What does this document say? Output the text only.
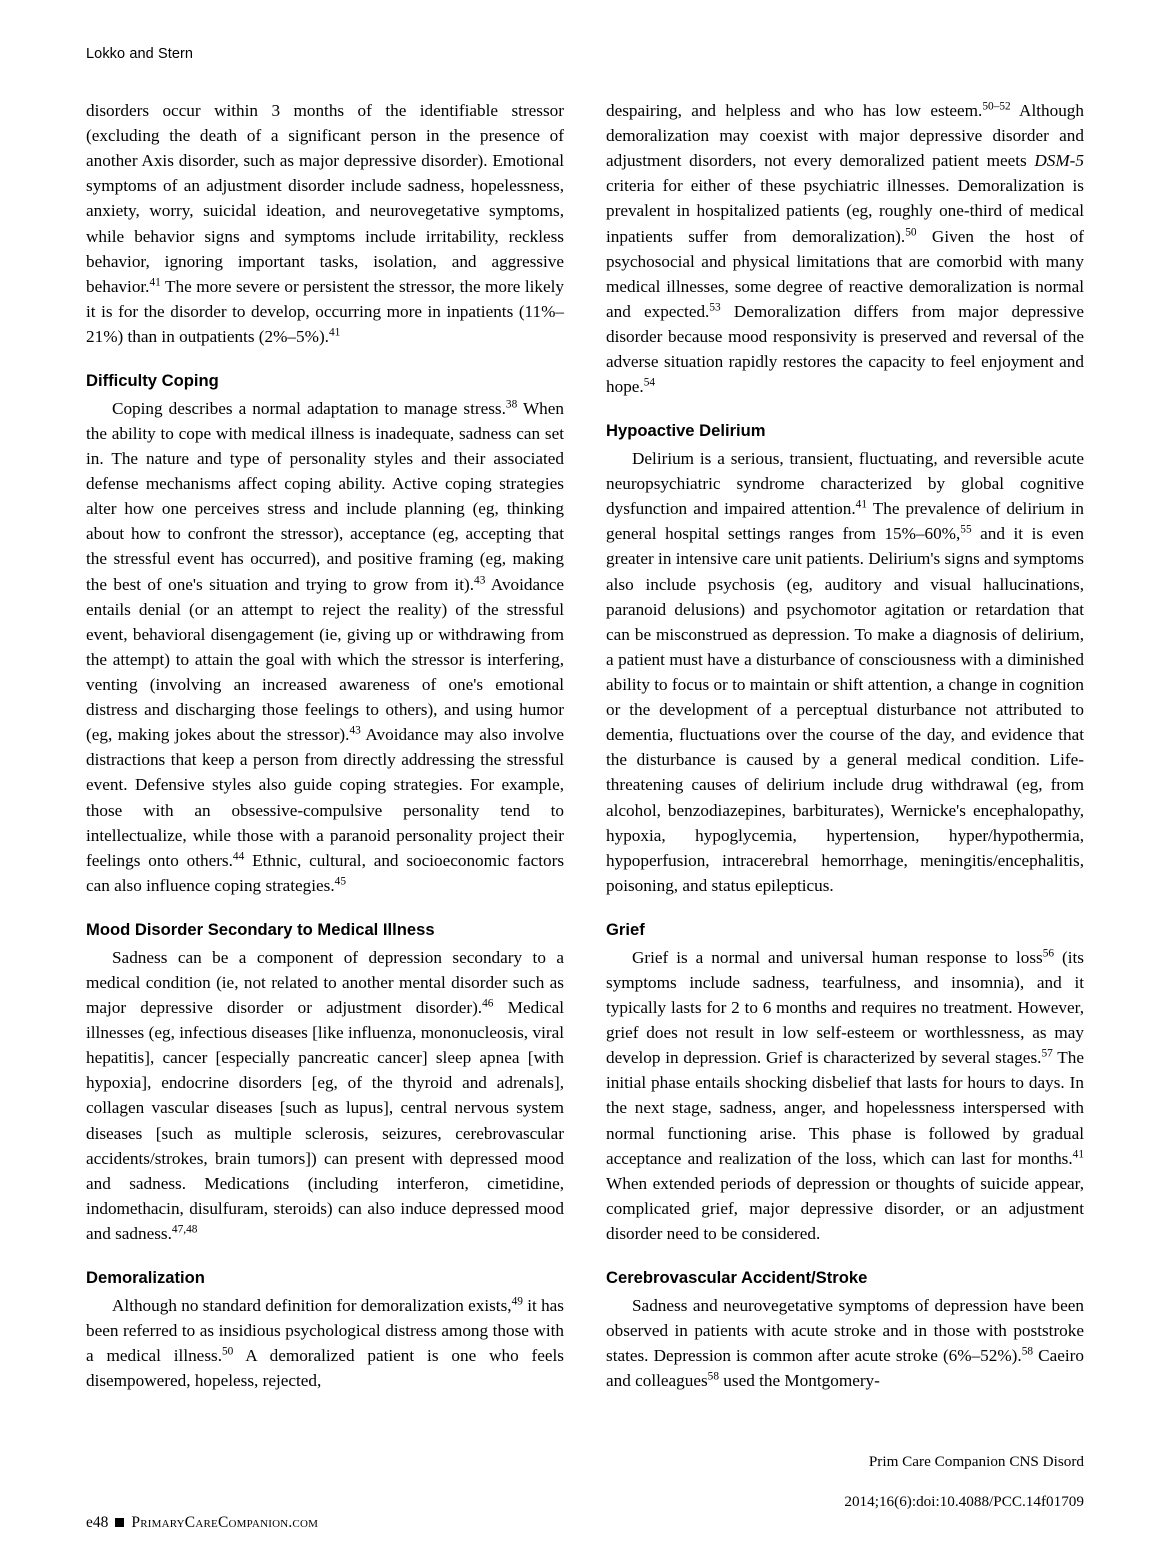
Lokko and Stern

disorders occur within 3 months of the identifiable stressor (excluding the death of a significant person in the presence of another Axis disorder, such as major depressive disorder). Emotional symptoms of an adjustment disorder include sadness, hopelessness, anxiety, worry, suicidal ideation, and neurovegetative symptoms, while behavior signs and symptoms include irritability, reckless behavior, ignoring important tasks, isolation, and aggressive behavior.$^{41}$ The more severe or persistent the stressor, the more likely it is for the disorder to develop, occurring more in inpatients (11%–21%) than in outpatients (2%–5%).$^{41}$

Difficulty Coping

Coping describes a normal adaptation to manage stress.$^{38}$ When the ability to cope with medical illness is inadequate, sadness can set in. The nature and type of personality styles and their associated defense mechanisms affect coping ability. Active coping strategies alter how one perceives stress and include planning (eg, thinking about how to confront the stressor), acceptance (eg, accepting that the stressful event has occurred), and positive framing (eg, making the best of one's situation and trying to grow from it).$^{43}$ Avoidance entails denial (or an attempt to reject the reality) of the stressful event, behavioral disengagement (ie, giving up or withdrawing from the attempt) to attain the goal with which the stressor is interfering, venting (involving an increased awareness of one's emotional distress and discharging those feelings to others), and using humor (eg, making jokes about the stressor).$^{43}$ Avoidance may also involve distractions that keep a person from directly addressing the stressful event. Defensive styles also guide coping strategies. For example, those with an obsessive-compulsive personality tend to intellectualize, while those with a paranoid personality project their feelings onto others.$^{44}$ Ethnic, cultural, and socioeconomic factors can also influence coping strategies.$^{45}$

Mood Disorder Secondary to Medical Illness

Sadness can be a component of depression secondary to a medical condition (ie, not related to another mental disorder such as major depressive disorder or adjustment disorder).$^{46}$ Medical illnesses (eg, infectious diseases [like influenza, mononucleosis, viral hepatitis], cancer [especially pancreatic cancer] sleep apnea [with hypoxia], endocrine disorders [eg, of the thyroid and adrenals], collagen vascular diseases [such as lupus], central nervous system diseases [such as multiple sclerosis, seizures, cerebrovascular accidents/strokes, brain tumors]) can present with depressed mood and sadness. Medications (including interferon, cimetidine, indomethacin, disulfuram, steroids) can also induce depressed mood and sadness.$^{47,48}$

Demoralization

Although no standard definition for demoralization exists,$^{49}$ it has been referred to as insidious psychological distress among those with a medical illness.$^{50}$ A demoralized patient is one who feels disempowered, hopeless, rejected,

despairing, and helpless and who has low esteem.$^{50-52}$ Although demoralization may coexist with major depressive disorder and adjustment disorders, not every demoralized patient meets DSM-5 criteria for either of these psychiatric illnesses. Demoralization is prevalent in hospitalized patients (eg, roughly one-third of medical inpatients suffer from demoralization).$^{50}$ Given the host of psychosocial and physical limitations that are comorbid with many medical illnesses, some degree of reactive demoralization is normal and expected.$^{53}$ Demoralization differs from major depressive disorder because mood responsivity is preserved and reversal of the adverse situation rapidly restores the capacity to feel enjoyment and hope.$^{54}$

Hypoactive Delirium

Delirium is a serious, transient, fluctuating, and reversible acute neuropsychiatric syndrome characterized by global cognitive dysfunction and impaired attention.$^{41}$ The prevalence of delirium in general hospital settings ranges from 15%–60%,$^{55}$ and it is even greater in intensive care unit patients. Delirium's signs and symptoms also include psychosis (eg, auditory and visual hallucinations, paranoid delusions) and psychomotor agitation or retardation that can be misconstrued as depression. To make a diagnosis of delirium, a patient must have a disturbance of consciousness with a diminished ability to focus or to maintain or shift attention, a change in cognition or the development of a perceptual disturbance not attributed to dementia, fluctuations over the course of the day, and evidence that the disturbance is caused by a general medical condition. Life-threatening causes of delirium include drug withdrawal (eg, from alcohol, benzodiazepines, barbiturates), Wernicke's encephalopathy, hypoxia, hypoglycemia, hypertension, hyper/hypothermia, hypoperfusion, intracerebral hemorrhage, meningitis/encephalitis, poisoning, and status epilepticus.

Grief

Grief is a normal and universal human response to loss$^{56}$ (its symptoms include sadness, tearfulness, and insomnia), and it typically lasts for 2 to 6 months and requires no treatment. However, grief does not result in low self-esteem or worthlessness, as may develop in depression. Grief is characterized by several stages.$^{57}$ The initial phase entails shocking disbelief that lasts for hours to days. In the next stage, sadness, anger, and hopelessness interspersed with normal functioning arise. This phase is followed by gradual acceptance and realization of the loss, which can last for months.$^{41}$ When extended periods of depression or thoughts of suicide appear, complicated grief, major depressive disorder, or an adjustment disorder need to be considered.

Cerebrovascular Accident/Stroke

Sadness and neurovegetative symptoms of depression have been observed in patients with acute stroke and in those with poststroke states. Depression is common after acute stroke (6%–52%).$^{58}$ Caeiro and colleagues$^{58}$ used the Montgomery-

e48 PrimaryCareCompanion.com

Prim Care Companion CNS Disord

2014;16(6):doi:10.4088/PCC.14f01709
